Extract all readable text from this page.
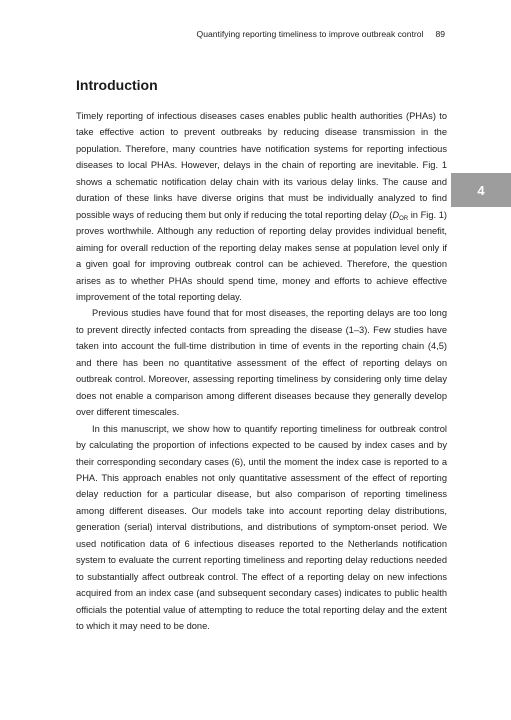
Quantifying reporting timeliness to improve outbreak control 89
4
Introduction

Timely reporting of infectious diseases cases enables public health authorities (PHAs) to take effective action to prevent outbreaks by reducing disease transmission in the population. Therefore, many countries have notification systems for reporting infectious diseases to local PHAs. However, delays in the chain of reporting are inevitable. Fig. 1 shows a schematic notification delay chain with its various delay links. The cause and duration of these links have diverse origins that must be individually analyzed to find possible ways of reducing them but only if reducing the total reporting delay ($D_{OR}$ in Fig. 1) proves worthwhile. Although any reduction of reporting delay provides individual benefit, aiming for overall reduction of the reporting delay makes sense at population level only if a given goal for improving outbreak control can be achieved. Therefore, the question arises as to whether PHAs should spend time, money and efforts to achieve effective improvement of the total reporting delay.

Previous studies have found that for most diseases, the reporting delays are too long to prevent directly infected contacts from spreading the disease (1–3). Few studies have taken into account the full-time distribution in time of events in the reporting chain (4,5) and there has been no quantitative assessment of the effect of reporting delays on outbreak control. Moreover, assessing reporting timeliness by considering only time delay does not enable a comparison among different diseases because they generally develop over different timescales.

In this manuscript, we show how to quantify reporting timeliness for outbreak control by calculating the proportion of infections expected to be caused by index cases and by their corresponding secondary cases (6), until the moment the index case is reported to a PHA. This approach enables not only quantitative assessment of the effect of reporting delay reduction for a particular disease, but also comparison of reporting timeliness among different diseases. Our models take into account reporting delay distributions, generation (serial) interval distributions, and distributions of symptom-onset period. We used notification data of 6 infectious diseases reported to the Netherlands notification system to evaluate the current reporting timeliness and reporting delay reductions needed to substantially affect outbreak control. The effect of a reporting delay on new infections acquired from an index case (and subsequent secondary cases) indicates to public health officials the potential value of attempting to reduce the total reporting delay and the extent to which it may need to be done.
